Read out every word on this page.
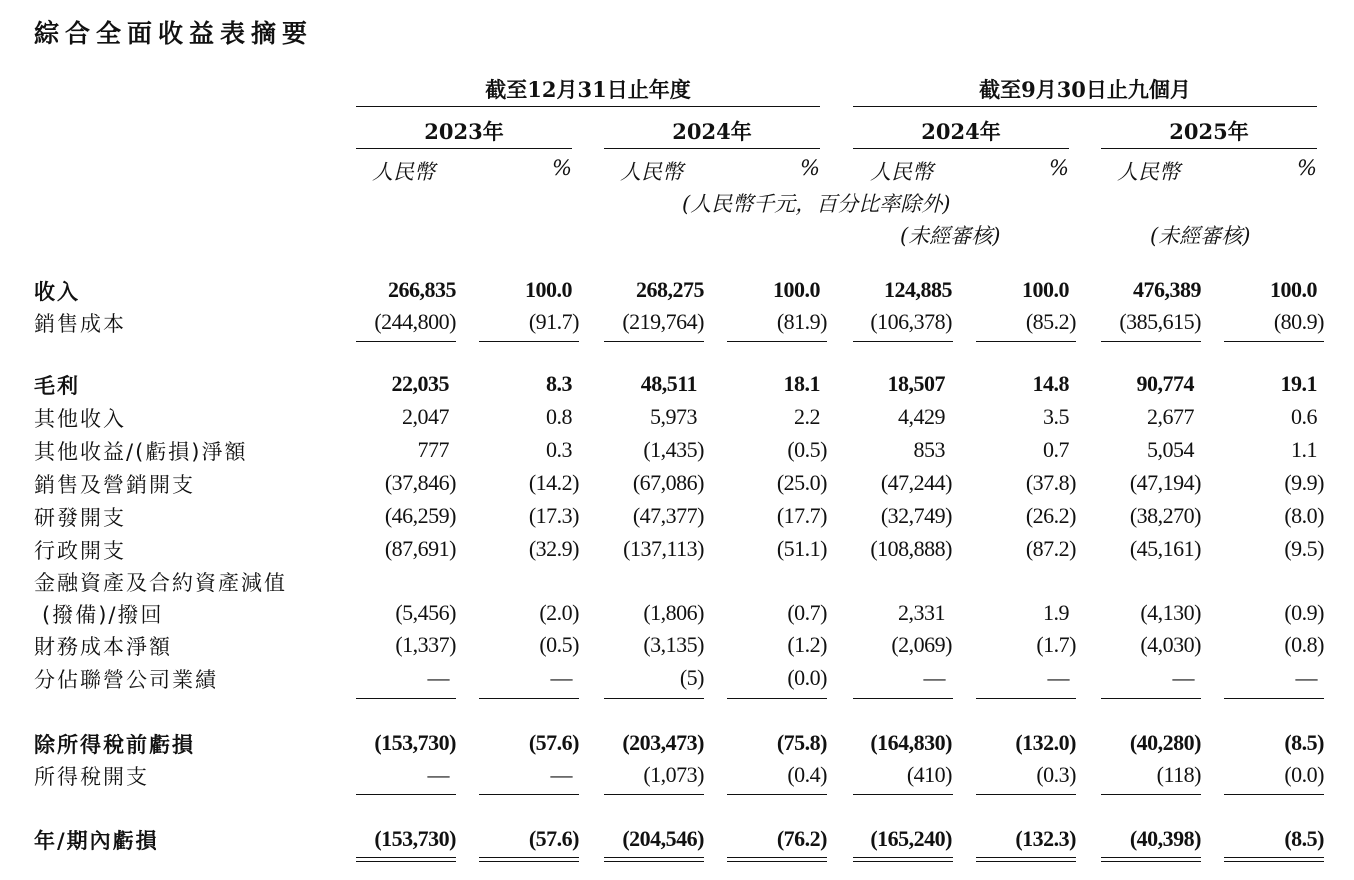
綜合全面收益表摘要
截至12月31日止年度	截至9月30日止九個月
2023年	2024年	2024年	2025年
人民幣	% 人民幣	% 人民幣	% 人民幣	%
(人民幣千元，百分比率除外)
(未經審核)	(未經審核)
收入	266,835	100.0	268,275	100.0	124,885	100.0	476,389	100.0
銷售成本	(244,800)	(91.7)	(219,764)	(81.9)	(106,378)	(85.2)	(385,615)	(80.9)
毛利	22,035	8.3	48,511	18.1	18,507	14.8	90,774	19.1
其他收入	2,047	0.8	5,973	2.2	4,429	3.5	2,677	0.6
其他收益/(虧損)淨額	777	0.3	(1,435)	(0.5)	853	0.7	5,054	1.1
銷售及營銷開支	(37,846)	(14.2)	(67,086)	(25.0)	(47,244)	(37.8)	(47,194)	(9.9)
研發開支	(46,259)	(17.3)	(47,377)	(17.7)	(32,749)	(26.2)	(38,270)	(8.0)
行政開支	(87,691)	(32.9)	(137,113)	(51.1)	(108,888)	(87.2)	(45,161)	(9.5)
金融資產及合約資產減值
(撥備)/撥回	(5,456)	(2.0)	(1,806)	(0.7)	2,331	1.9	(4,130)	(0.9)
財務成本淨額	(1,337)	(0.5)	(3,135)	(1.2)	(2,069)	(1.7)	(4,030)	(0.8)
分佔聯營公司業績	—	—	(5)	(0.0)	—	—	—	—
除所得稅前虧損	(153,730)	(57.6)	(203,473)	(75.8)	(164,830)	(132.0)	(40,280)	(8.5)
所得稅開支	—	—	(1,073)	(0.4)	(410)	(0.3)	(118)	(0.0)
年/期內虧損	(153,730)	(57.6)	(204,546)	(76.2)	(165,240)	(132.3)	(40,398)	(8.5)
